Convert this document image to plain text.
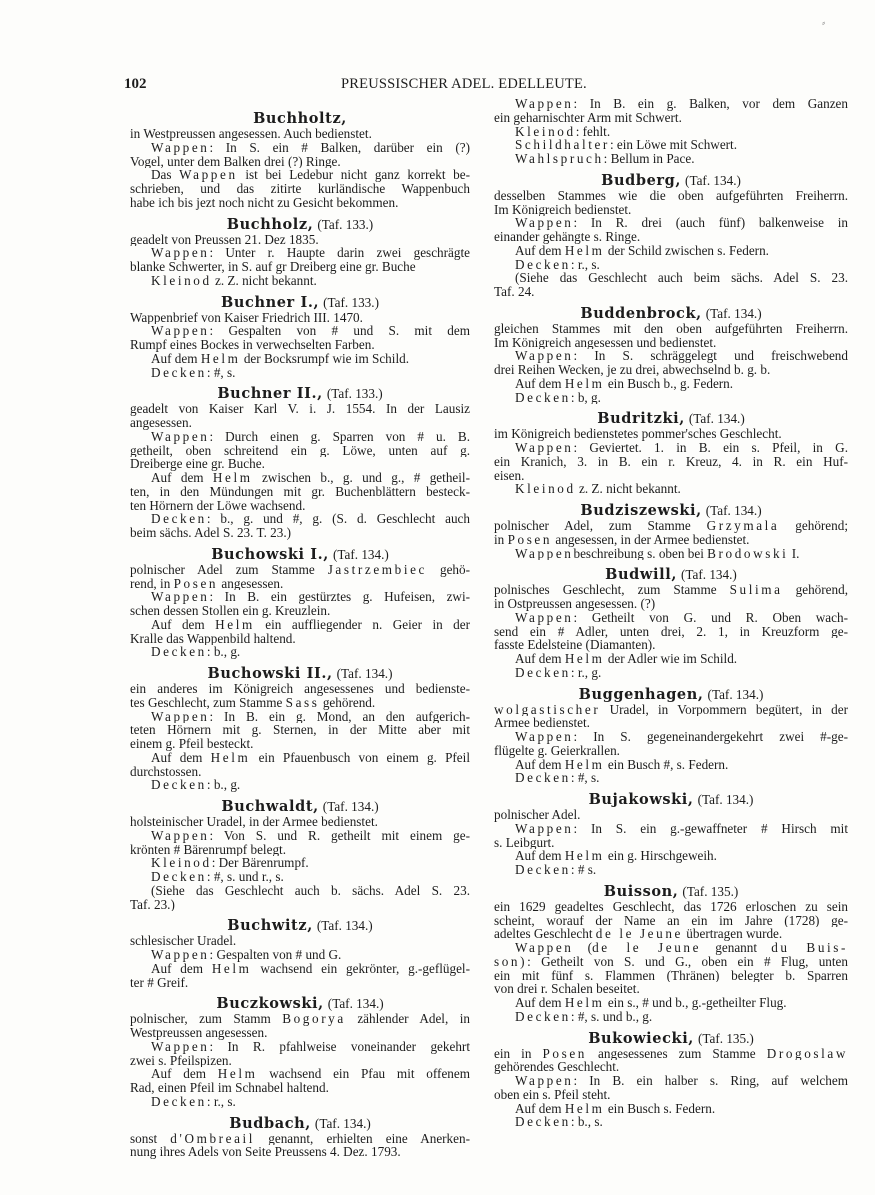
102	PREUSSISCHER ADEL. EDELLEUTE.
Buchholtz,
in Westpreussen angesessen. Auch bedienstet.
Wappen: In S. ein # Balken, darüber ein (?)
Vogel, unter dem Balken drei (?) Ringe.
Das Wappen ist bei Ledebur nicht ganz korrekt be-
schrieben, und das zitirte kurländische Wappenbuch
habe ich bis jezt noch nicht zu Gesicht bekommen.
Buchholz, (Taf. 133.)
geadelt von Preussen 21. Dez 1835.
Wappen: Unter r. Haupte darin zwei geschrägte
blanke Schwerter, in S. auf gr Dreiberg eine gr. Buche
Kleinod z. Z. nicht bekannt.
Buchner I., (Taf. 133.)
Wappenbrief von Kaiser Friedrich III. 1470.
Wappen: Gespalten von # und S. mit dem
Rumpf eines Bockes in verwechselten Farben.
Auf dem Helm der Bocksrumpf wie im Schild.
Decken: #, s.
Buchner II., (Taf. 133.)
geadelt von Kaiser Karl V. i. J. 1554. In der Lausiz
angesessen.
Wappen: Durch einen g. Sparren von # u. B.
getheilt, oben schreitend ein g. Löwe, unten auf g.
Dreiberge eine gr. Buche.
Auf dem Helm zwischen b., g. und g., # getheil-
ten, in den Mündungen mit gr. Buchenblättern besteck-
ten Hörnern der Löwe wachsend.
Decken: b., g. und #, g. (S. d. Geschlecht auch
beim sächs. Adel S. 23. T. 23.)
Buchowski I., (Taf. 134.)
polnischer Adel zum Stamme Jastrzembiec gehö-
rend, in Posen angesessen.
Wappen: In B. ein gestürztes g. Hufeisen, zwi-
schen dessen Stollen ein g. Kreuzlein.
Auf dem Helm ein auffliegender n. Geier in der
Kralle das Wappenbild haltend.
Decken: b., g.
Buchowski II., (Taf. 134.)
ein anderes im Königreich angesessenes und bedienste-
tes Geschlecht, zum Stamme Sass gehörend.
Wappen: In B. ein g. Mond, an den aufgerich-
teten Hörnern mit g. Sternen, in der Mitte aber mit
einem g. Pfeil besteckt.
Auf dem Helm ein Pfauenbusch von einem g. Pfeil
durchstossen.
Decken: b., g.
Buchwaldt, (Taf. 134.)
holsteinischer Uradel, in der Armee bedienstet.
Wappen: Von S. und R. getheilt mit einem ge-
krönten # Bärenrumpf belegt.
Kleinod: Der Bärenrumpf.
Decken: #, s. und r., s.
(Siehe das Geschlecht auch b. sächs. Adel S. 23.
Taf. 23.)
Buchwitz, (Taf. 134.)
schlesischer Uradel.
Wappen: Gespalten von # und G.
Auf dem Helm wachsend ein gekrönter, g.-geflügel-
ter # Greif.
Buczkowski, (Taf. 134.)
polnischer, zum Stamm Bogorya zählender Adel, in
Westpreussen angesessen.
Wappen: In R. pfahlweise voneinander gekehrt
zwei s. Pfeilspizen.
Auf dem Helm wachsend ein Pfau mit offenem
Rad, einen Pfeil im Schnabel haltend.
Decken: r., s.
Budbach, (Taf. 134.)
sonst d'Ombreail genannt, erhielten eine Anerken-
nung ihres Adels von Seite Preussens 4. Dez. 1793.
Wappen: In B. ein g. Balken, vor dem Ganzen
ein geharnischter Arm mit Schwert.
Kleinod: fehlt.
Schildhalter: ein Löwe mit Schwert.
Wahlspruch: Bellum in Pace.
Budberg, (Taf. 134.)
desselben Stammes wie die oben aufgeführten Freiherrn.
Im Königreich bedienstet.
Wappen: In R. drei (auch fünf) balkenweise in
einander gehängte s. Ringe.
Auf dem Helm der Schild zwischen s. Federn.
Decken: r., s.
(Siehe das Geschlecht auch beim sächs. Adel S. 23.
Taf. 24.
Buddenbrock, (Taf. 134.)
gleichen Stammes mit den oben aufgeführten Freiherrn.
Im Königreich angesessen und bedienstet.
Wappen: In S. schräggelegt und freischwebend
drei Reihen Wecken, je zu drei, abwechselnd b. g. b.
Auf dem Helm ein Busch b., g. Federn.
Decken: b, g.
Budritzki, (Taf. 134.)
im Königreich bedienstetes pommer'sches Geschlecht.
Wappen: Geviertet. 1. in B. ein s. Pfeil, in G.
ein Kranich, 3. in B. ein r. Kreuz, 4. in R. ein Huf-
eisen.
Kleinod z. Z. nicht bekannt.
Budziszewski, (Taf. 134.)
polnischer Adel, zum Stamme Grzymala gehörend;
in Posen angesessen, in der Armee bedienstet.
Wappenbeschreibung s. oben bei Brodowski I.
Budwill, (Taf. 134.)
polnisches Geschlecht, zum Stamme Sulima gehörend,
in Ostpreussen angesessen. (?)
Wappen: Getheilt von G. und R. Oben wach-
send ein # Adler, unten drei, 2. 1, in Kreuzform ge-
fasste Edelsteine (Diamanten).
Auf dem Helm der Adler wie im Schild.
Decken: r., g.
Buggenhagen, (Taf. 134.)
wolgastischer Uradel, in Vorpommern begütert, in der
Armee bedienstet.
Wappen: In S. gegeneinandergekehrt zwei #-ge-
flügelte g. Geierkrallen.
Auf dem Helm ein Busch #, s. Federn.
Decken: #, s.
Bujakowski, (Taf. 134.)
polnischer Adel.
Wappen: In S. ein g.-gewaffneter # Hirsch mit
s. Leibgurt.
Auf dem Helm ein g. Hirschgeweih.
Decken: # s.
Buisson, (Taf. 135.)
ein 1629 geadeltes Geschlecht, das 1726 erloschen zu sein
scheint, worauf der Name an ein im Jahre (1728) ge-
adeltes Geschlecht de le Jeune übertragen wurde.
Wappen (de le Jeune genannt du Buis-
son): Getheilt von S. und G., oben ein # Flug, unten
ein mit fünf s. Flammen (Thränen) belegter b. Sparren
von drei r. Schalen beseitet.
Auf dem Helm ein s., # und b., g.-getheilter Flug.
Decken: #, s. und b., g.
Bukowiecki, (Taf. 135.)
ein in Posen angesessenes zum Stamme Drogoslaw
gehörendes Geschlecht.
Wappen: In B. ein halber s. Ring, auf welchem
oben ein s. Pfeil steht.
Auf dem Helm ein Busch s. Federn.
Decken: b., s.
⸗
